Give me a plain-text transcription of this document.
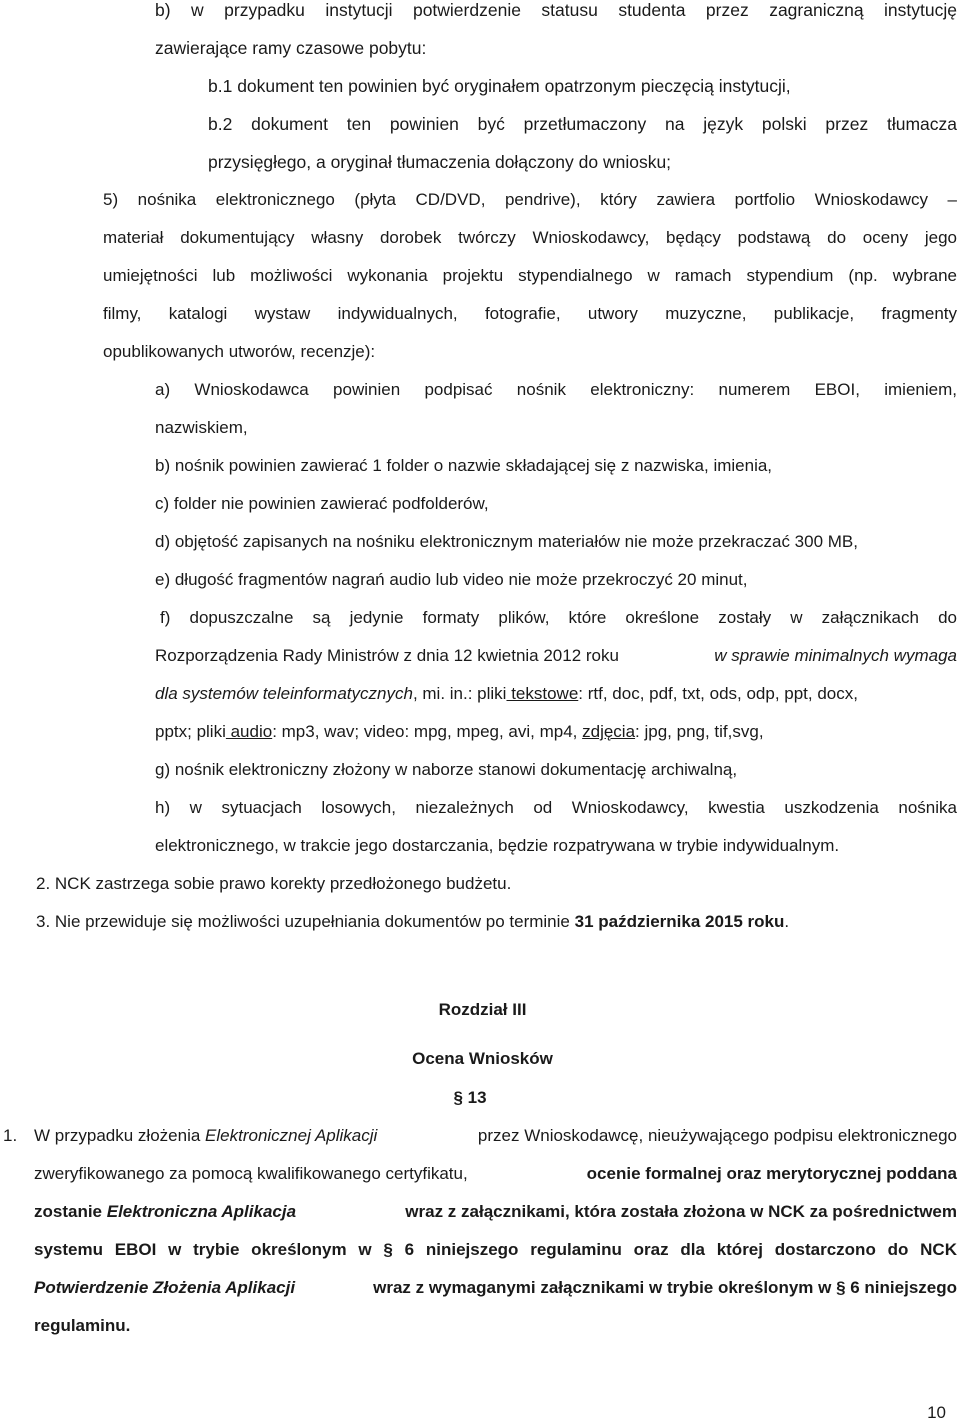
b) w przypadku instytucji potwierdzenie statusu studenta przez zagraniczną instytucję
zawierające ramy czasowe pobytu:
b.1 dokument ten powinien być oryginałem opatrzonym pieczęcią instytucji,
b.2 dokument ten powinien być przetłumaczony na język polski przez tłumacza
przysięgłego, a oryginał tłumaczenia dołączony do wniosku;
5) nośnika elektronicznego (płyta CD/DVD, pendrive), który zawiera portfolio Wnioskodawcy –
materiał dokumentujący własny dorobek twórczy Wnioskodawcy, będący podstawą do oceny jego
umiejętności lub możliwości wykonania projektu stypendialnego w ramach stypendium (np. wybrane
filmy, katalogi wystaw indywidualnych, fotografie, utwory muzyczne, publikacje, fragmenty
opublikowanych utworów, recenzje):
a) Wnioskodawca powinien podpisać nośnik elektroniczny: numerem EBOI, imieniem,
nazwiskiem,
b) nośnik powinien zawierać 1 folder o nazwie składającej się z nazwiska, imienia,
c) folder nie powinien zawierać podfolderów,
d) objętość zapisanych na nośniku elektronicznym materiałów nie może przekraczać 300 MB,
e) długość fragmentów nagrań audio lub video nie może przekroczyć 20 minut,
f) dopuszczalne są jedynie formaty plików, które określone zostały w załącznikach do
Rozporządzenia Rady Ministrów z dnia 12 kwietnia 2012 roku	w sprawie minimalnych wymaga
dla systemów teleinformatycznych , mi. in.: pliki tekstowe : rtf, doc, pdf, txt, ods, odp, ppt, docx,
pptx; pliki audio: mp3, wav; video: mpg, mpeg, avi, mp4, zdjęcia: jpg, png, tif,svg,
g) nośnik elektroniczny złożony w naborze stanowi dokumentację archiwalną,
h) w sytuacjach losowych, niezależnych od Wnioskodawcy, kwestia uszkodzenia nośnika
elektronicznego, w trakcie jego dostarczania, będzie rozpatrywana w trybie indywidualnym.
2. NCK zastrzega sobie prawo korekty przedłożonego budżetu.
3. Nie przewiduje się możliwości uzupełniania dokumentów po terminie 31 października 2015 roku.
Rozdział III
Ocena Wniosków
§ 13
1. W przypadku złożenia Elektronicznej Aplikacji	przez Wnioskodawcę, nieużywającego podpisu elektronicznego
zweryfikowanego za pomocą kwalifikowanego certyfikatu,	ocenie formalnej oraz merytorycznej poddana
zostanie Elektroniczna Aplikacja	wraz z załącznikami, która została złożona w NCK za pośrednictwem
systemu EBOI w trybie określonym w § 6 niniejszego regulaminu oraz dla której dostarczono do NCK
Potwierdzenie Złożenia Aplikacji	wraz z wymaganymi załącznikami w trybie określonym w § 6 niniejszego
regulaminu.
10
